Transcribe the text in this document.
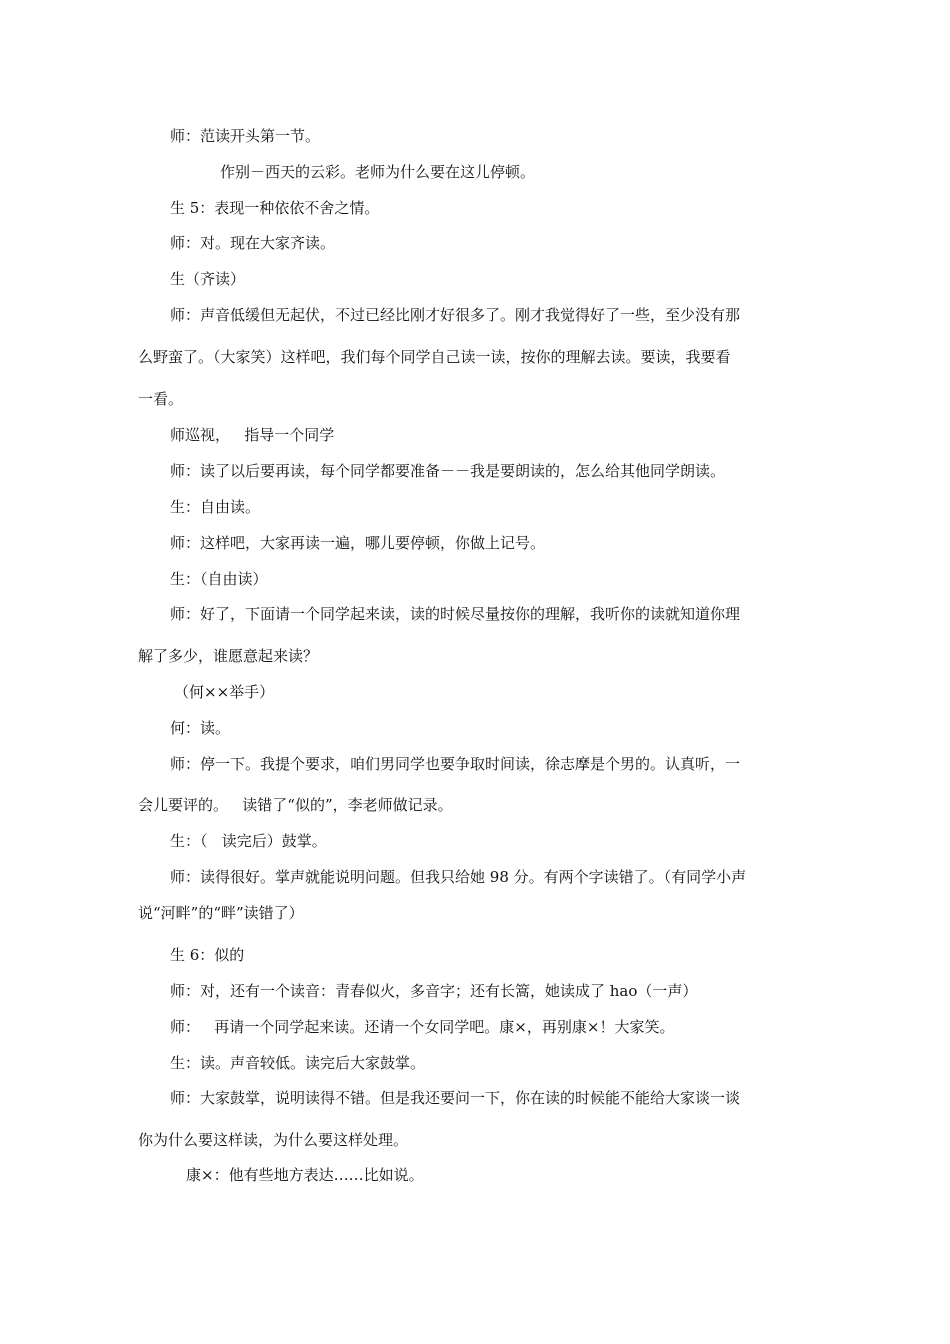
师：范读开头第一节。
作别－西天的云彩。老师为什么要在这儿停顿。
生 5：表现一种依依不舍之情。
师：对。现在大家齐读。
生（齐读）
师：声音低缓但无起伏，不过已经比刚才好很多了。刚才我觉得好了一些，至少没有那
么野蛮了。（大家笑）这样吧，我们每个同学自己读一读，按你的理解去读。要读，我要看
一看。
师巡视，   指导一个同学
师：读了以后要再读，每个同学都要准备－－我是要朗读的，怎么给其他同学朗读。
生：自由读。
师：这样吧，大家再读一遍，哪儿要停顿，你做上记号。
生：（自由读）
师：好了，下面请一个同学起来读，读的时候尽量按你的理解，我听你的读就知道你理
解了多少，谁愿意起来读？
（何××举手）
何：读。
师：停一下。我提个要求，咱们男同学也要争取时间读，徐志摩是个男的。认真听，一
会儿要评的。   读错了“似的”，李老师做记录。
生：（   读完后）鼓掌。
师：读得很好。掌声就能说明问题。但我只给她 98 分。有两个字读错了。（有同学小声
说“河畔”的“畔”读错了）
生 6：似的
师：对，还有一个读音：青春似火，多音字；还有长篙，她读成了 hao（一声）
师：   再请一个同学起来读。还请一个女同学吧。康×，再别康×！大家笑。
生：读。声音较低。读完后大家鼓掌。
师：大家鼓掌，说明读得不错。但是我还要问一下，你在读的时候能不能给大家谈一谈
你为什么要这样读，为什么要这样处理。
康×：他有些地方表达……比如说。
